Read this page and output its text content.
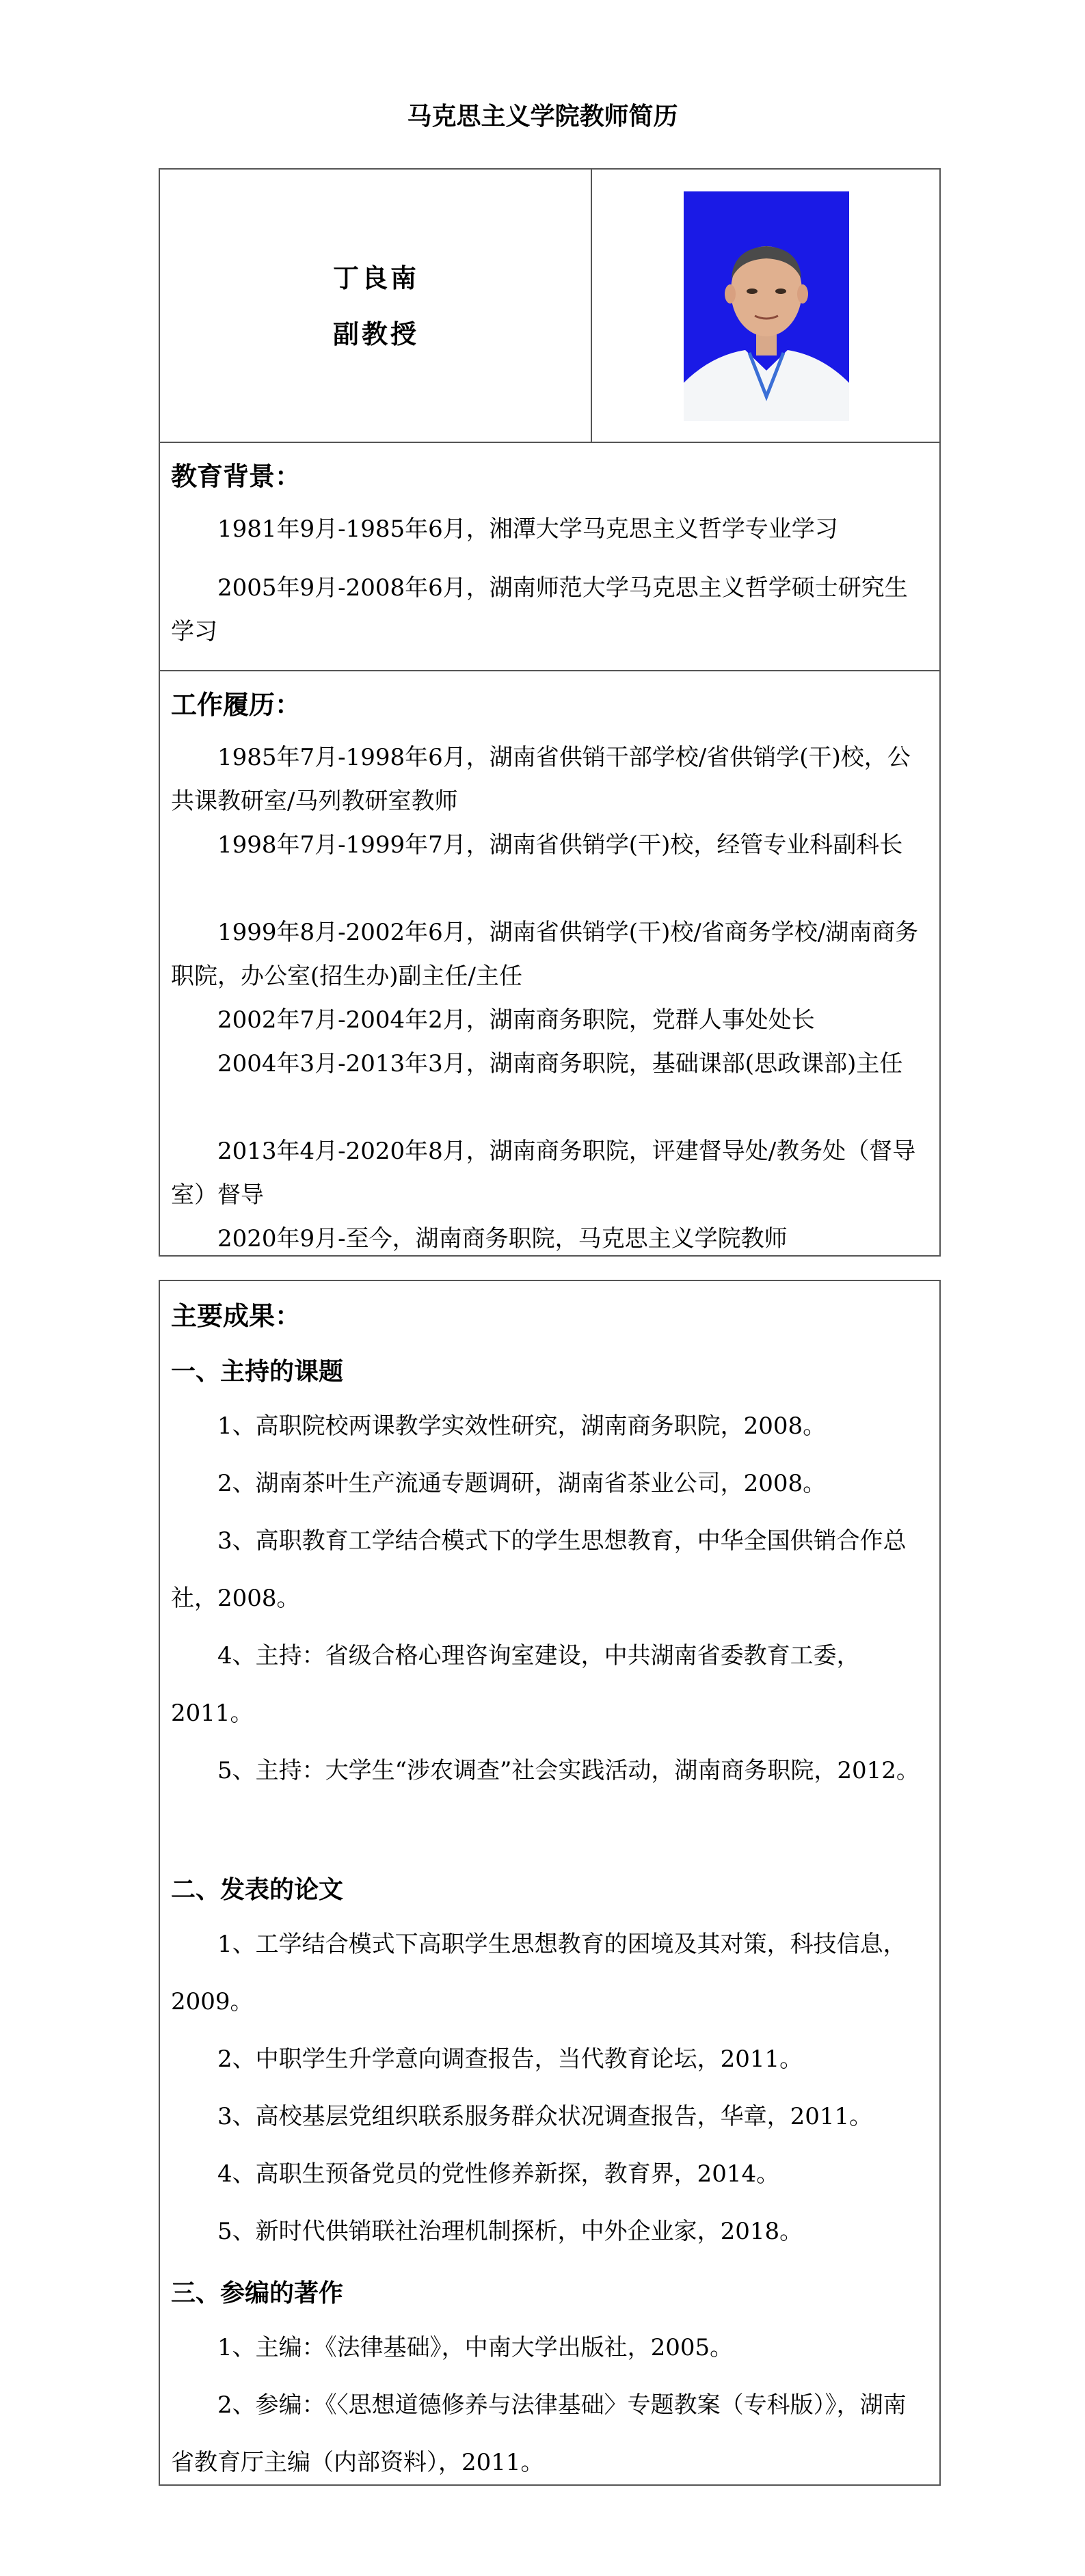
马克思主义学院教师简历
丁良南
副教授
教育背景：

1981年9月-1985年6月，湘潭大学马克思主义哲学专业学习

2005年9月-2008年6月，湖南师范大学马克思主义哲学硕士研究生学习

工作履历：

1985年7月-1998年6月，湖南省供销干部学校/省供销学(干)校，公共课教研室/马列教研室教师

1998年7月-1999年7月，湖南省供销学(干)校，经管专业科副科长

1999年8月-2002年6月，湖南省供销学(干)校/省商务学校/湖南商务职院，办公室(招生办)副主任/主任

2002年7月-2004年2月，湖南商务职院，党群人事处处长

2004年3月-2013年3月，湖南商务职院，基础课部(思政课部)主任

2013年4月-2020年8月，湖南商务职院，评建督导处/教务处（督导室）督导

2020年9月-至今，湖南商务职院，马克思主义学院教师

主要成果：
一、主持的课题

1、高职院校两课教学实效性研究，湖南商务职院，2008。

2、湖南茶叶生产流通专题调研，湖南省茶业公司，2008。

3、高职教育工学结合模式下的学生思想教育，中华全国供销合作总社，2008。

4、主持：省级合格心理咨询室建设，中共湖南省委教育工委，2011。

5、主持：大学生“涉农调查”社会实践活动，湖南商务职院，2012。

二、发表的论文

1、工学结合模式下高职学生思想教育的困境及其对策，科技信息，2009。

2、中职学生升学意向调查报告，当代教育论坛，2011。

3、高校基层党组织联系服务群众状况调查报告，华章，2011。

4、高职生预备党员的党性修养新探，教育界，2014。

5、新时代供销联社治理机制探析，中外企业家，2018。

三、参编的著作

1、主编：《法律基础》，中南大学出版社，2005。

2、参编：《〈思想道德修养与法律基础〉专题教案（专科版）》，湖南省教育厅主编（内部资料），2011。
